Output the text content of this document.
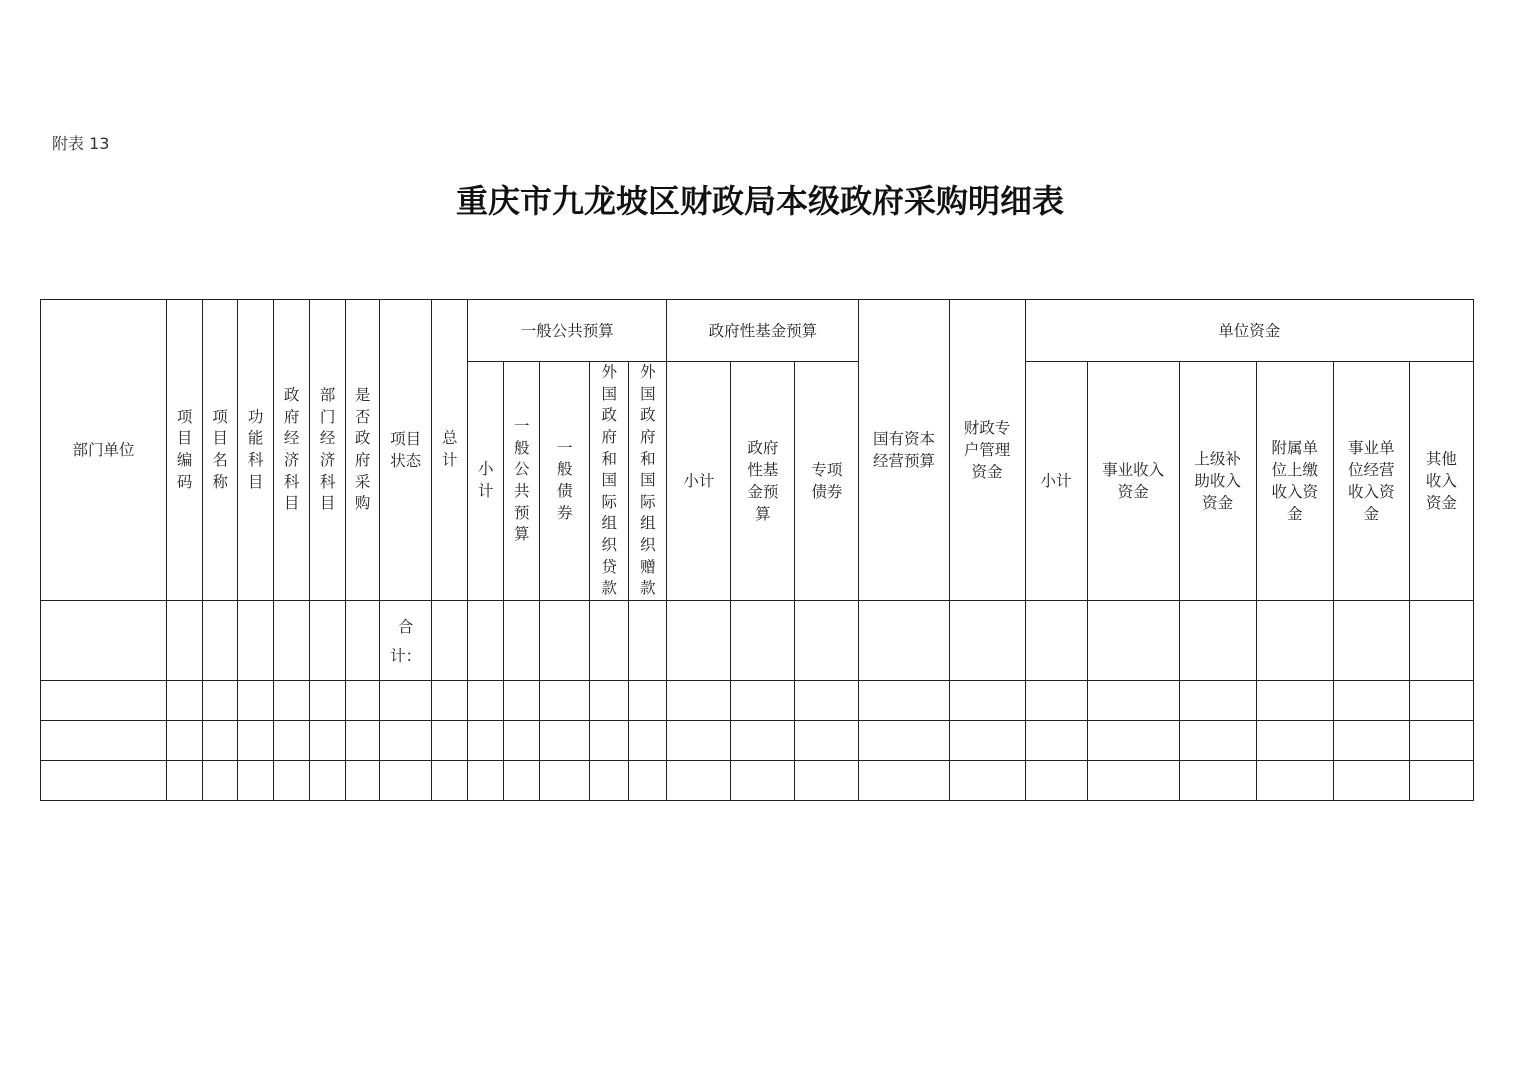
附表 13
重庆市九龙坡区财政局本级政府采购明细表
部门单位	项目编码	项目名称	功能科目	政府经济科目	部门经济科目	是否政府采购	项目状态	总计	一般公共预算					政府性基金预算			国有资本经营预算	财政专户管理资金	单位资金					

									小计	一般公共预算	一般债券	外国政府和国际组织贷款	外国政府和国际组织赠款	小计	政府性基金预算	专项债券			小计	事业收入资金	上级补助收入资金	附属单位上缴收入资金	事业单位经营收入资金	其他收入资金

							合
计：																	
